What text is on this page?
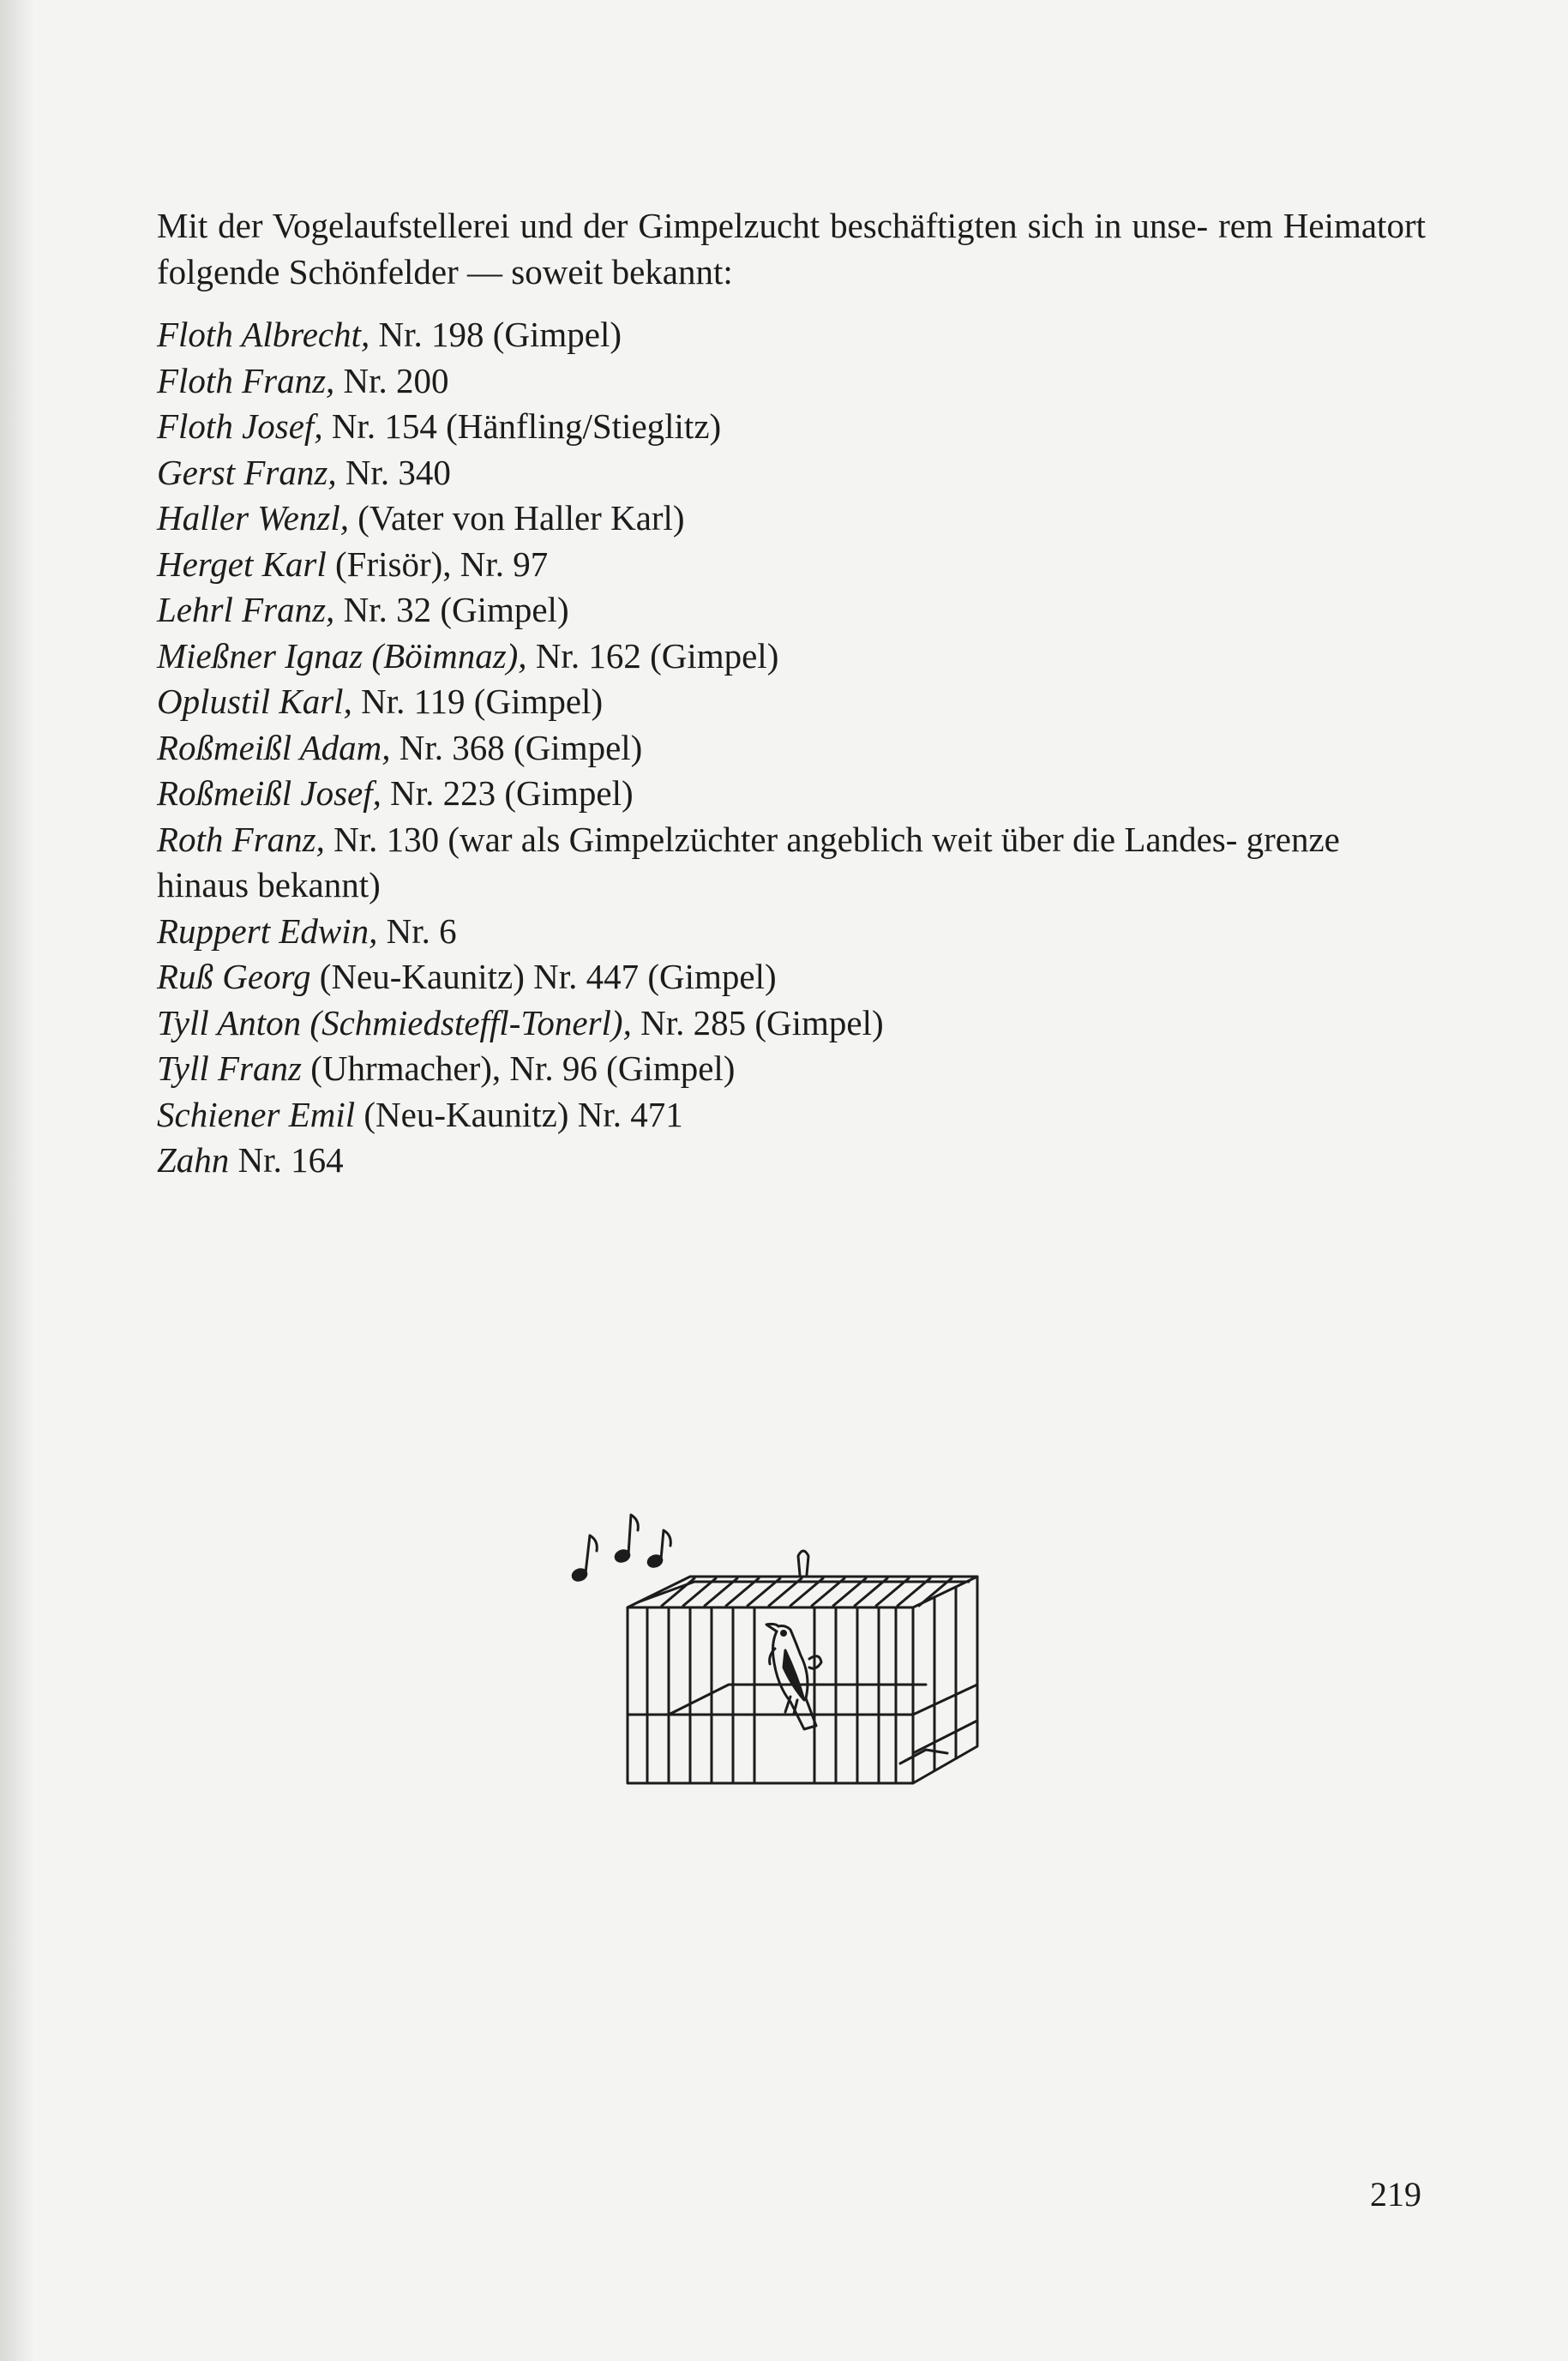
Mit der Vogelaufstellerei und der Gimpelzucht beschäftigten sich in unse- rem Heimatort folgende Schönfelder — soweit bekannt:

Floth Albrecht, Nr. 198 (Gimpel)
Floth Franz, Nr. 200
Floth Josef, Nr. 154 (Hänfling/Stieglitz)
Gerst Franz, Nr. 340
Haller Wenzl, (Vater von Haller Karl)
Herget Karl (Frisör), Nr. 97
Lehrl Franz, Nr. 32 (Gimpel)
Mießner Ignaz (Böimnaz), Nr. 162 (Gimpel)
Oplustil Karl, Nr. 119 (Gimpel)
Roßmeißl Adam, Nr. 368 (Gimpel)
Roßmeißl Josef, Nr. 223 (Gimpel)
Roth Franz, Nr. 130 (war als Gimpelzüchter angeblich weit über die Landes- grenze hinaus bekannt)
Ruppert Edwin, Nr. 6
Ruß Georg (Neu-Kaunitz) Nr. 447 (Gimpel)
Tyll Anton (Schmiedsteffl-Tonerl), Nr. 285 (Gimpel)
Tyll Franz (Uhrmacher), Nr. 96 (Gimpel)
Schiener Emil (Neu-Kaunitz) Nr. 471
Zahn Nr. 164
219
